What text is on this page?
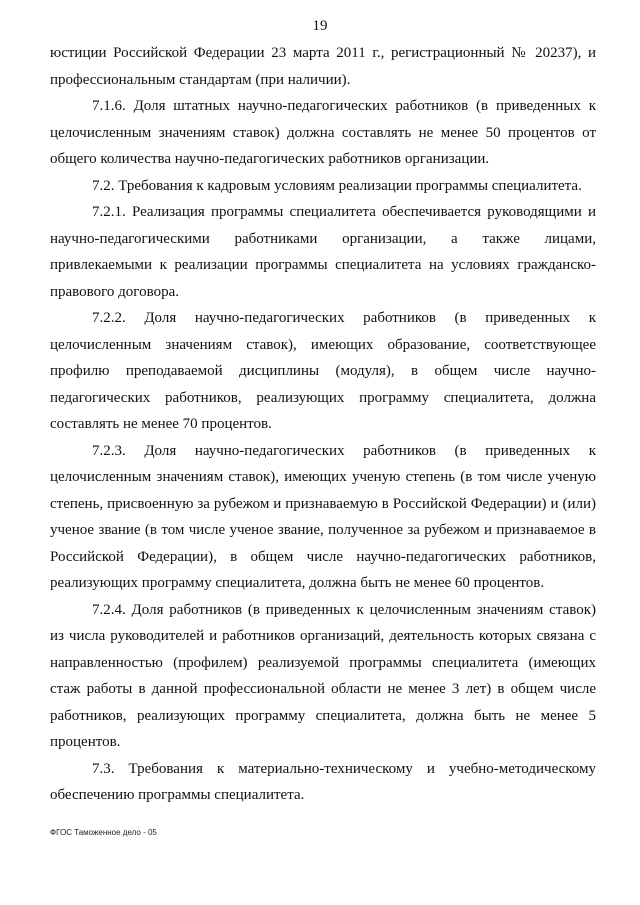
19

юстиции Российской Федерации 23 марта 2011 г., регистрационный № 20237), и профессиональным стандартам (при наличии).

7.1.6. Доля штатных научно-педагогических работников (в приведенных к целочисленным значениям ставок) должна составлять не менее 50 процентов от общего количества научно-педагогических работников организации.

7.2. Требования к кадровым условиям реализации программы специалитета.

7.2.1. Реализация программы специалитета обеспечивается руководящими и научно-педагогическими работниками организации, а также лицами, привлекаемыми к реализации программы специалитета на условиях гражданско-правового договора.

7.2.2. Доля научно-педагогических работников (в приведенных к целочисленным значениям ставок), имеющих образование, соответствующее профилю преподаваемой дисциплины (модуля), в общем числе научно-педагогических работников, реализующих программу специалитета, должна составлять не менее 70 процентов.

7.2.3. Доля научно-педагогических работников (в приведенных к целочисленным значениям ставок), имеющих ученую степень (в том числе ученую степень, присвоенную за рубежом и признаваемую в Российской Федерации) и (или) ученое звание (в том числе ученое звание, полученное за рубежом и признаваемое в Российской Федерации), в общем числе научно-педагогических работников, реализующих программу специалитета, должна быть не менее 60 процентов.

7.2.4. Доля работников (в приведенных к целочисленным значениям ставок) из числа руководителей и работников организаций, деятельность которых связана с направленностью (профилем) реализуемой программы специалитета (имеющих стаж работы в данной профессиональной области не менее 3 лет) в общем числе работников, реализующих программу специалитета, должна быть не менее 5 процентов.

7.3. Требования к материально-техническому и учебно-методическому обеспечению программы специалитета.

ФГОС Таможенное дело - 05
